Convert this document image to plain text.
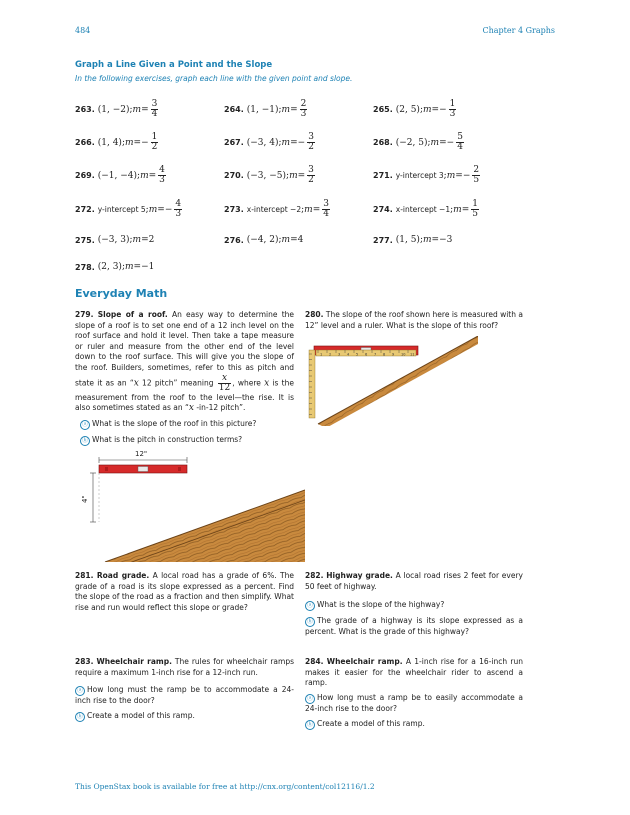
484	Chapter 4 Graphs
Graph a Line Given a Point and the Slope
In the following exercises, graph each line with the given point and slope.
263. (1, −2) ; $m = \frac{3}{4}$	264. (1, −1) ; $m = \frac{2}{3}$	265. (2, 5) ; m = − $\frac{1}{3}$
266. (1, 4) ; m = − $\frac{1}{2}$	267. (−3, 4) ; m = − $\frac{3}{2}$	268. (−2, 5) ; m = − $\frac{5}{4}$
269. (−1, −4) ; $m = \frac{4}{3}$	270. (−3, −5) ; $m = \frac{3}{2}$	271. y-intercept 3 ; m = − $\frac{2}{5}$
272. y-intercept 5 ; m = − $\frac{4}{3}$	273. x-intercept −2 ; $m = \frac{3}{4}$	274. x-intercept −1 ; $m = \frac{1}{5}$
275. (−3, 3) ; m = 2	276. (−4, 2) ; m = 4	277. (1, 5) ; m = −3
278. (2, 3) ; m = −1
Everyday Math
279. Slope of a roof. An easy way to determine the slope of a roof is to set one end of a 12 inch level on the roof surface and hold it level. Then take a tape measure or ruler and measure from the other end of the level down to the roof surface. This will give you the slope of the roof. Builders, sometimes, refer to this as pitch and state it as an “x 12 pitch” meaning $\frac{x}{12}$ , where x is the measurement from the roof to the level—the rise. It is also sometimes stated as an “x -in-12 pitch”.
ⓐ What is the slope of the roof in this picture?
ⓑ What is the pitch in construction terms?
12"
4"
280. The slope of the roof shown here is measured with a 12” level and a ruler. What is the slope of this roof?
1 2 3 4 5 6 7 8 9 10 11
281. Road grade. A local road has a grade of 6%. The grade of a road is its slope expressed as a percent. Find the slope of the road as a fraction and then simplify. What rise and run would reflect this slope or grade?
282. Highway grade. A local road rises 2 feet for every 50 feet of highway.
ⓐ What is the slope of the highway?
ⓑ The grade of a highway is its slope expressed as a percent. What is the grade of this highway?
283. Wheelchair ramp. The rules for wheelchair ramps require a maximum 1-inch rise for a 12-inch run.
ⓐ How long must the ramp be to accommodate a 24-inch rise to the door?
ⓑ Create a model of this ramp.
284. Wheelchair ramp. A 1-inch rise for a 16-inch run makes it easier for the wheelchair rider to ascend a ramp.
ⓐ How long must a ramp be to easily accommodate a 24-inch rise to the door?
ⓑ Create a model of this ramp.
This OpenStax book is available for free at http://cnx.org/content/col12116/1.2
